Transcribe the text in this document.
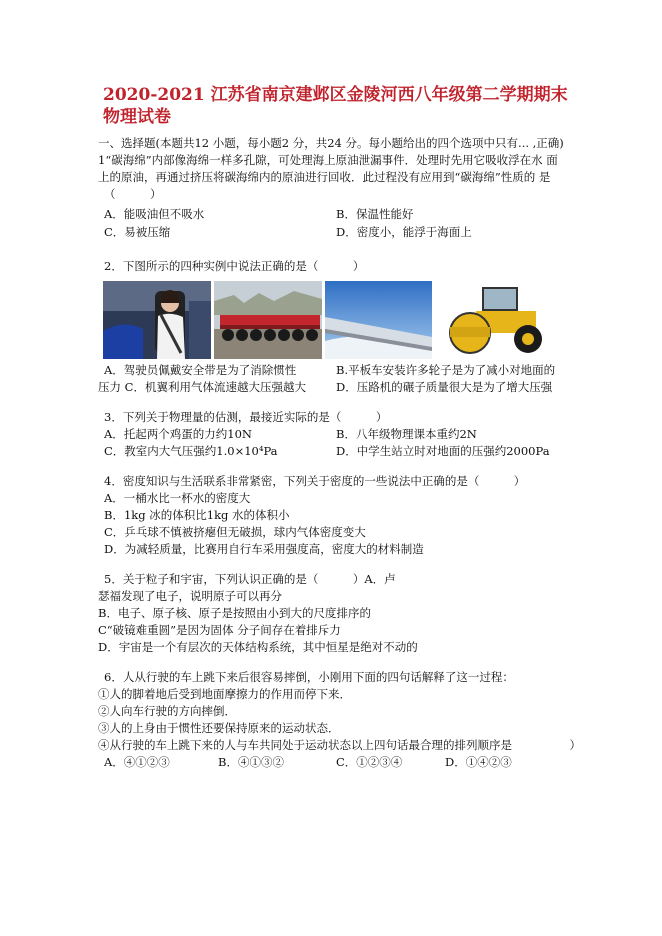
2020-2021 江苏省南京建邺区金陵河西八年级第二学期期末物理试卷
一、选择题(本题共12 小题，每小题2 分，共24 分。每小题给出的四个选项中只有... ,正确)
1“碳海绵”内部像海绵一样多孔隙，可处理海上原油泄漏事件．处理时先用它吸收浮在水 面
上的原油，再通过挤压将碳海绵内的原油进行回收．此过程没有应用到“碳海绵”性质的 是
（　　　）
A．能吸油但不吸水	B．保温性能好
C．易被压缩	D．密度小，能浮于海面上
2．下图所示的四种实例中说法正确的是（　　　）
A．驾驶员佩戴安全带是为了消除惯性	B.平板车安装许多轮子是为了减小对地面的
压力 C．机翼利用气体流速越大压强越大	D．压路机的碾子质量很大是为了增大压强
3．下列关于物理量的估测，最接近实际的是（　　　）
A．托起两个鸡蛋的力约10N	B．八年级物理课本重约2N
C．教室内大气压强约1.0×10⁴Pa	D．中学生站立时对地面的压强约2000Pa
4．密度知识与生活联系非常紧密，下列关于密度的一些说法中正确的是（　　　）
A．一桶水比一杯水的密度大
B．1kg 冰的体积比1kg 水的体积小
C．乒乓球不慎被挤瘪但无破损，球内气体密度变大
D．为减轻质量，比赛用自行车采用强度高，密度大的材料制造
5．关于粒子和宇宙，下列认识正确的是（　　　）A．卢
瑟福发现了电子，说明原子可以再分
B．电子、原子核、原子是按照由小到大的尺度排序的
C“破镜难重圆”是因为固体 分子间存在着排斥力
D．宇宙是一个有层次的天体结构系统，其中恒星是绝对不动的
6．人从行驶的车上跳下来后很容易摔倒，小刚用下面的四句话解释了这一过程：
①人的脚着地后受到地面摩擦力的作用而停下来．
②人向车行驶的方向摔倒．
③人的上身由于惯性还要保持原来的运动状态．
④从行驶的车上跳下来的人与车共同处于运动状态以上四句话最合理的排列顺序是　　　　　）
A．④①②③	B．④①③②	C．①②③④	D．①④②③
